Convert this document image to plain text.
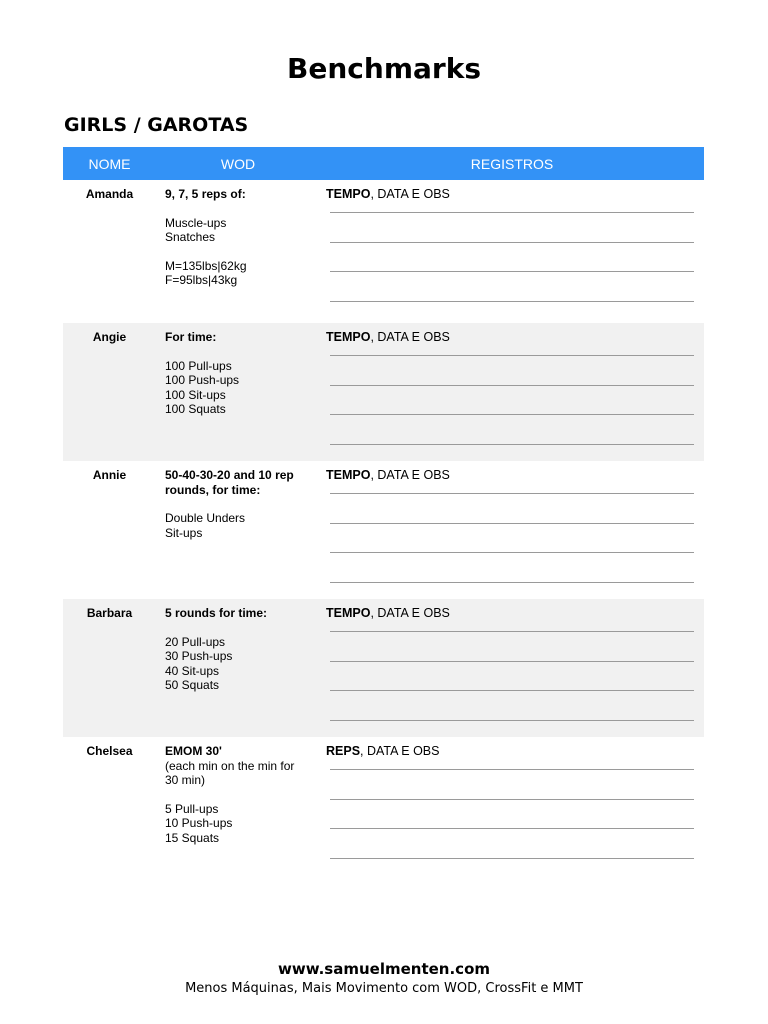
Benchmarks
GIRLS / GAROTAS
NOME	WOD	REGISTROS
Amanda	9, 7, 5 reps of:
Muscle-ups
Snatches
M=135lbs|62kg
F=95lbs|43kg
TEMPO, DATA E OBS
Angie	For time:
100 Pull-ups
100 Push-ups
100 Sit-ups
100 Squats
TEMPO, DATA E OBS
Annie	50-40-30-20 and 10 rep
rounds, for time:
Double Unders
Sit-ups
TEMPO, DATA E OBS
Barbara	5 rounds for time:
20 Pull-ups
30 Push-ups
40 Sit-ups
50 Squats
TEMPO, DATA E OBS
Chelsea	EMOM 30'
(each min on the min for
30 min)
5 Pull-ups
10 Push-ups
15 Squats
REPS, DATA E OBS
www.samuelmenten.com
Menos Máquinas, Mais Movimento com WOD, CrossFit e MMT
